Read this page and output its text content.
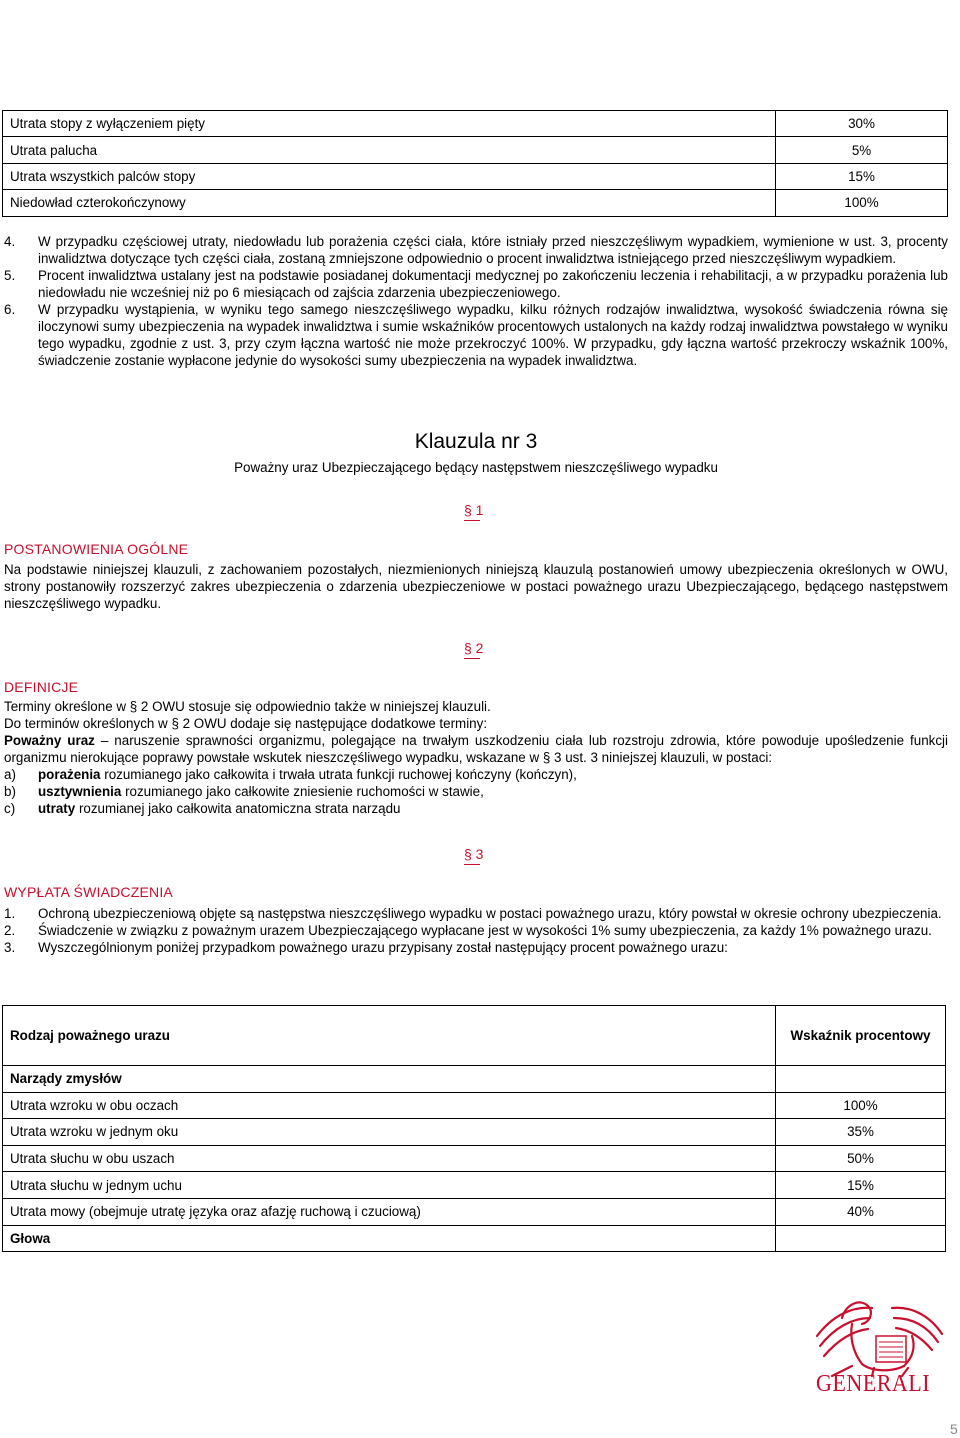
Utrata stopy z wyłączeniem pięty	30%
Utrata palucha	5%
Utrata wszystkich palców stopy	15%
Niedowład czterokończynowy	100%
4.	W przypadku częściowej utraty, niedowładu lub porażenia części ciała, które istniały przed nieszczęśliwym wypadkiem, wymienione w ust. 3, procenty inwalidztwa dotyczące tych części ciała, zostaną zmniejszone odpowiednio o procent inwalidztwa istniejącego przed nieszczęśliwym wypadkiem.
5.	Procent inwalidztwa ustalany jest na podstawie posiadanej dokumentacji medycznej po zakończeniu leczenia i rehabilitacji, a w przypadku porażenia lub niedowładu nie wcześniej niż po 6 miesiącach od zajścia zdarzenia ubezpieczeniowego.
6.	W przypadku wystąpienia, w wyniku tego samego nieszczęśliwego wypadku, kilku różnych rodzajów inwalidztwa, wysokość świadczenia równa się iloczynowi sumy ubezpieczenia na wypadek inwalidztwa i sumie wskaźników procentowych ustalonych na każdy rodzaj inwalidztwa powstałego w wyniku tego wypadku, zgodnie z ust. 3, przy czym łączna wartość nie może przekroczyć 100%. W przypadku, gdy łączna wartość przekroczy wskaźnik 100%, świadczenie zostanie wypłacone jedynie do wysokości sumy ubezpieczenia na wypadek inwalidztwa.
Klauzula nr 3
Poważny uraz Ubezpieczającego będący następstwem nieszczęśliwego wypadku
§ 1
POSTANOWIENIA OGÓLNE
Na podstawie niniejszej klauzuli, z zachowaniem pozostałych, niezmienionych niniejszą klauzulą postanowień umowy ubezpieczenia określonych w OWU, strony postanowiły rozszerzyć zakres ubezpieczenia o zdarzenia ubezpieczeniowe w postaci poważnego urazu Ubezpieczającego, będącego następstwem nieszczęśliwego wypadku.
§ 2
DEFINICJE
Terminy określone w § 2 OWU stosuje się odpowiednio także w niniejszej klauzuli.
Do terminów określonych w § 2 OWU dodaje się następujące dodatkowe terminy:
Poważny uraz – naruszenie sprawności organizmu, polegające na trwałym uszkodzeniu ciała lub rozstroju zdrowia, które powoduje upośledzenie funkcji organizmu nierokujące poprawy powstałe wskutek nieszczęśliwego wypadku, wskazane w § 3 ust. 3 niniejszej klauzuli, w postaci:
a)	porażenia rozumianego jako całkowita i trwała utrata funkcji ruchowej kończyny (kończyn),
b)	usztywnienia rozumianego jako całkowite zniesienie ruchomości w stawie,
c)	utraty rozumianej jako całkowita anatomiczna strata narządu
§ 3
WYPŁATA ŚWIADCZENIA
1.	Ochroną ubezpieczeniową objęte są następstwa nieszczęśliwego wypadku w postaci poważnego urazu, który powstał w okresie ochrony ubezpieczenia.
2.	Świadczenie w związku z poważnym urazem Ubezpieczającego wypłacane jest w wysokości 1% sumy ubezpieczenia, za każdy 1% poważnego urazu.
3.	Wyszczególnionym poniżej przypadkom poważnego urazu przypisany został następujący procent poważnego urazu:
Rodzaj poważnego urazu	Wskaźnik procentowy
Narządy zmysłów	
Utrata wzroku w obu oczach	100%
Utrata wzroku w jednym oku	35%
Utrata słuchu w obu uszach	50%
Utrata słuchu w jednym uchu	15%
Utrata mowy (obejmuje utratę języka oraz afazję ruchową i czuciową)	40%
Głowa	
GENERALI
5
